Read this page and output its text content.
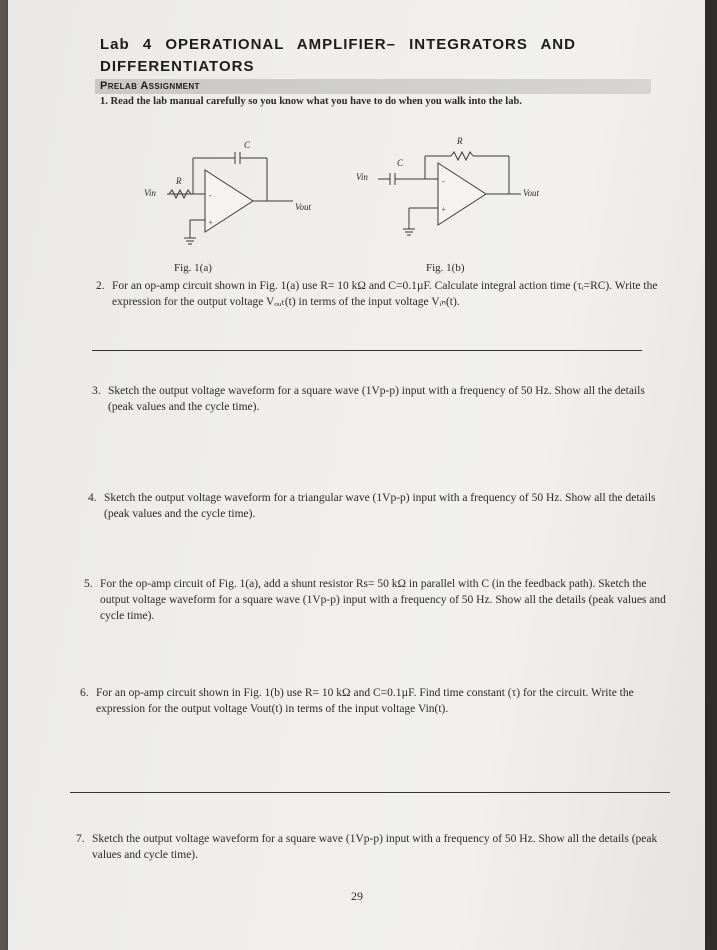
Lab 4 OPERATIONAL AMPLIFIER– INTEGRATORS AND DIFFERENTIATORS
Prelab Assignment
1. Read the lab manual carefully so you know what you have to do when you walk into the lab.
-
+
Vin
R
C
Vout
-
+
Vin
C
R
Vout
Fig. 1(a)	Fig. 1(b)
2. For an op-amp circuit shown in Fig. 1(a) use R= 10 kΩ and C=0.1µF. Calculate integral action time (τᵢ=RC). Write the expression for the output voltage Vₒᵤₜ(t) in terms of the input voltage Vᵢₙ(t).
3. Sketch the output voltage waveform for a square wave (1Vp-p) input with a frequency of 50 Hz. Show all the details (peak values and the cycle time).
4. Sketch the output voltage waveform for a triangular wave (1Vp-p) input with a frequency of 50 Hz. Show all the details (peak values and the cycle time).
5. For the op-amp circuit of Fig. 1(a), add a shunt resistor Rs= 50 kΩ in parallel with C (in the feedback path). Sketch the output voltage waveform for a square wave (1Vp-p) input with a frequency of 50 Hz. Show all the details (peak values and cycle time).
6. For an op-amp circuit shown in Fig. 1(b) use R= 10 kΩ and C=0.1µF. Find time constant (τ) for the circuit. Write the expression for the output voltage Vout(t) in terms of the input voltage Vin(t).
7. Sketch the output voltage waveform for a square wave (1Vp-p) input with a frequency of 50 Hz. Show all the details (peak values and cycle time).
29
